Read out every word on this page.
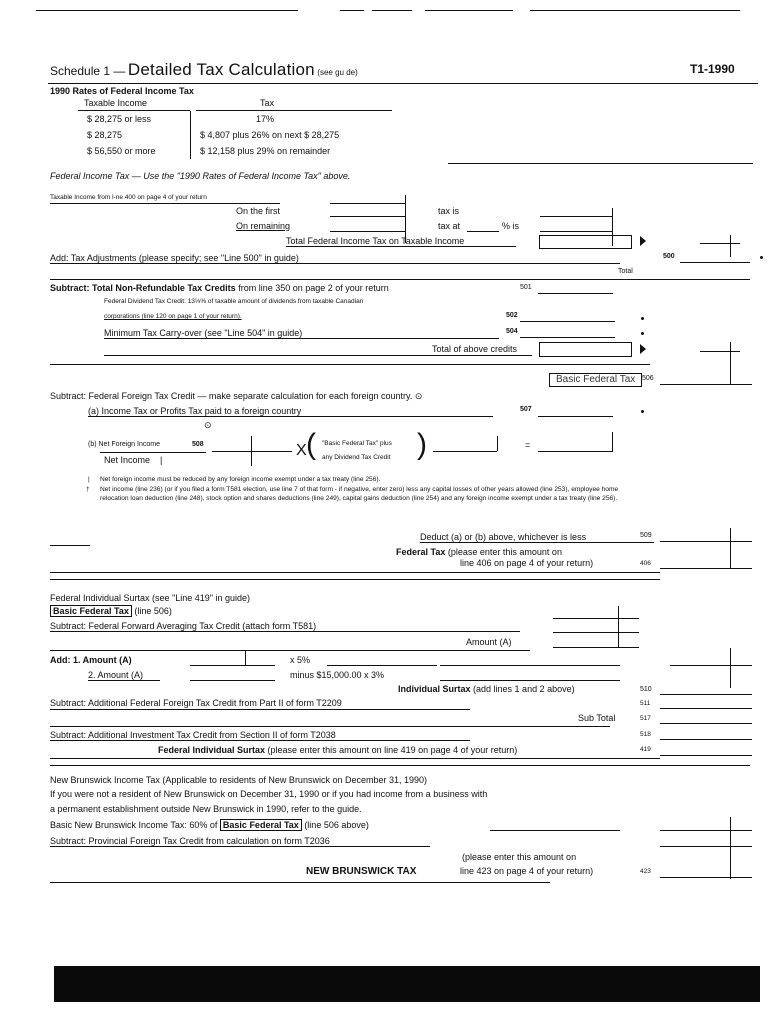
Schedule 1 — Detailed Tax Calculation (see gu de)	T1-1990
1990 Rates of Federal Income Tax
Taxable Income	Tax
$ 28,275 or less	17%
$ 28,275	$ 4,807 plus 26% on next $ 28,275
$ 56,550 or more	$ 12,158 plus 29% on remainder
Federal Income Tax — Use the "1990 Rates of Federal Income Tax" above.
Taxable Income from l-ne 400 on page 4 of your return
On the first	tax is
On remaining	tax at	% is
Total Federal Income Tax on Taxable Income
Add: Tax Adjustments (please specify; see "Line 500" in guide)	500
Total
Subtract: Total Non-Refundable Tax Credits from line 350 on page 2 of your return	501
Federal Dividend Tax Credit: 13⅓% of taxable amount of dividends from taxable Canadian
corporations (line 120 on page 1 of your return).	502
Minimum Tax Carry-over (see "Line 504" in guide)	504
Total of above credits
Basic Federal Tax 506
Subtract: Federal Foreign Tax Credit — make separate calculation for each foreign country. ⊙
(a) Income Tax or Profits Tax paid to a foreign country	507
⊙
(b) Net Foreign Income	508
Net Income |
X ( "Basic Federal Tax" plus
any Dividend Tax Credit )	=
| Net foreign income must be reduced by any foreign income exempt under a tax treaty (line 256).
† Net income (line 236) (or if you filed a form T581 election, use line 7 of that form - if negative, enter zero) less any capital losses of other years allowed (line 253), employee home relocation loan deduction (line 248), stock option and shares deductions (line 249), capital gains deduction (line 254) and any foreign income exempt under a tax treaty (line 256).
Deduct (a) or (b) above, whichever is less	509
Federal Tax (please enter this amount on
line 406 on page 4 of your return)	406
Federal Individual Surtax (see "Line 419" in guide)
Basic Federal Tax (line 506)
Subtract: Federal Forward Averaging Tax Credit (attach form T581)
Amount (A)
Add: 1. Amount (A)	x 5%
2. Amount (A)	minus $15,000.00 x 3%
Individual Surtax (add lines 1 and 2 above)	510
Subtract: Additional Federal Foreign Tax Credit from Part II of form T2209	511
Sub Total	517
Subtract: Additional Investment Tax Credit from Section II of form T2038	518
Federal Individual Surtax (please enter this amount on line 419 on page 4 of your return)	419
New Brunswick Income Tax (Applicable to residents of New Brunswick on December 31, 1990)
If you were not a resident of New Brunswick on December 31, 1990 or if you had income from a business with
a permanent establishment outside New Brunswick in 1990, refer to the guide.
Basic New Brunswick Income Tax: 60% of Basic Federal Tax (line 506 above)
Subtract: Provincial Foreign Tax Credit from calculation on form T2036
(please enter this amount on
NEW BRUNSWICK TAX	line 423 on page 4 of your return)	423
